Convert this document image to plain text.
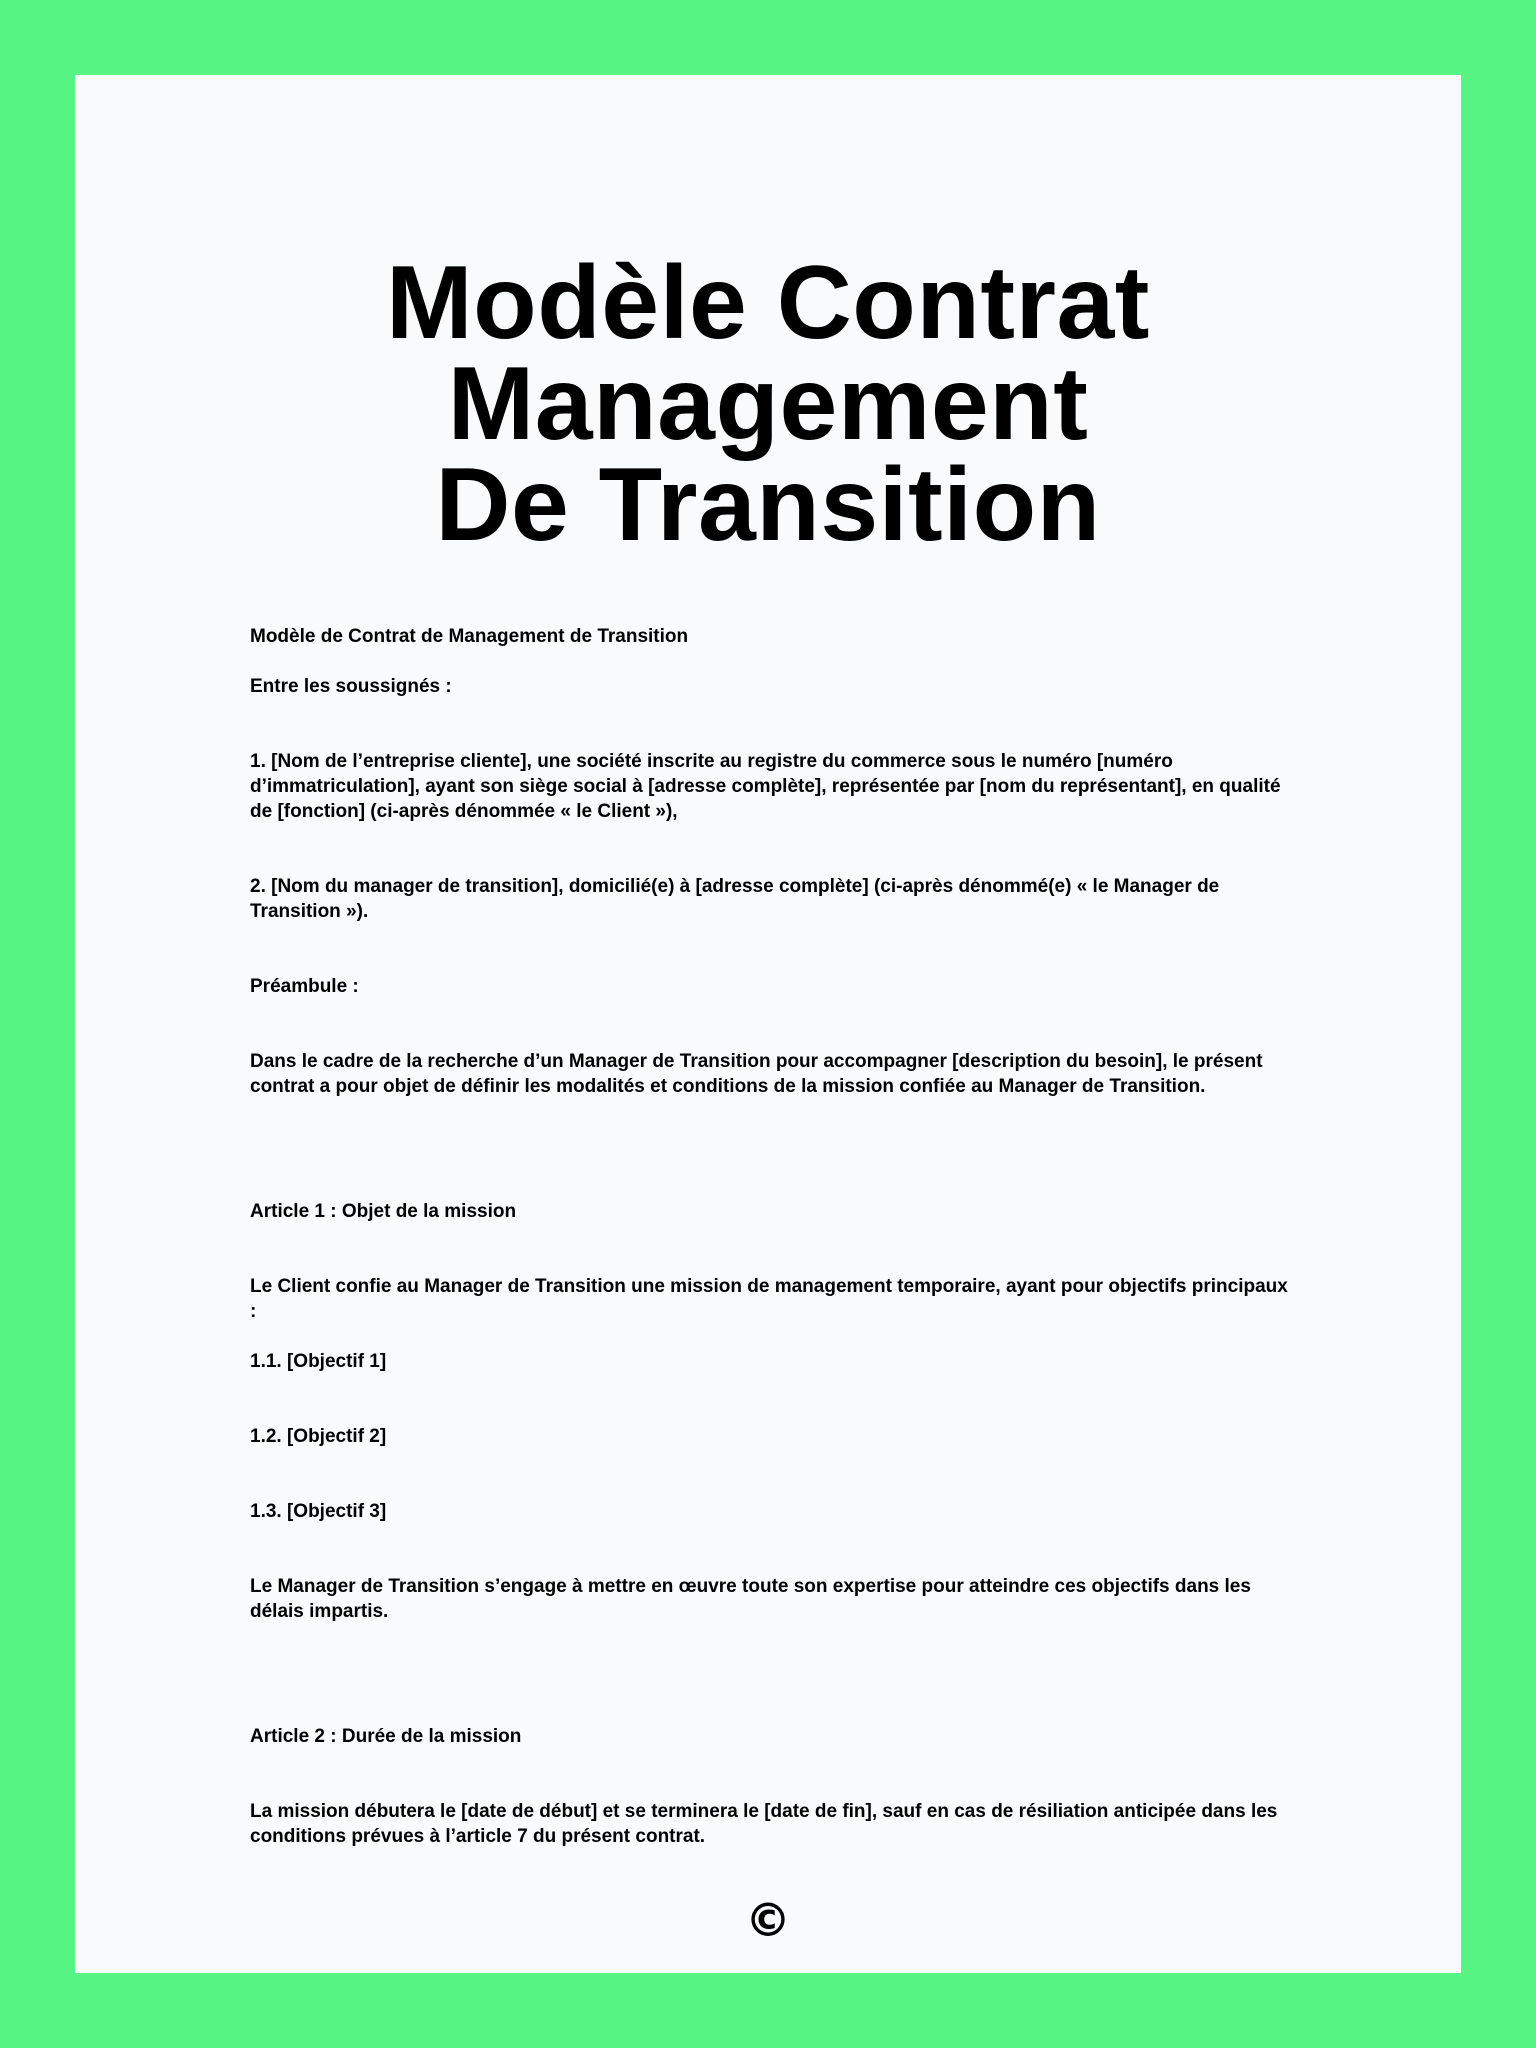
Modèle Contrat Management
De Transition

Modèle de Contrat de Management de Transition

Entre les soussignés :

1. [Nom de l’entreprise cliente], une société inscrite au registre du commerce sous le numéro [numéro d’immatriculation], ayant son siège social à [adresse complète], représentée par [nom du représentant], en qualité de [fonction] (ci-après dénommée « le Client »),

2. [Nom du manager de transition], domicilié(e) à [adresse complète] (ci-après dénommé(e) « le Manager de Transition »).

Préambule :

Dans le cadre de la recherche d’un Manager de Transition pour accompagner [description du besoin], le présent contrat a pour objet de définir les modalités et conditions de la mission confiée au Manager de Transition.

Article 1 : Objet de la mission

Le Client confie au Manager de Transition une mission de management temporaire, ayant pour objectifs principaux :

1.1. [Objectif 1]

1.2. [Objectif 2]

1.3. [Objectif 3]

Le Manager de Transition s’engage à mettre en œuvre toute son expertise pour atteindre ces objectifs dans les délais impartis.

Article 2 : Durée de la mission

La mission débutera le [date de début] et se terminera le [date de fin], sauf en cas de résiliation anticipée dans les conditions prévues à l’article 7 du présent contrat.

©
